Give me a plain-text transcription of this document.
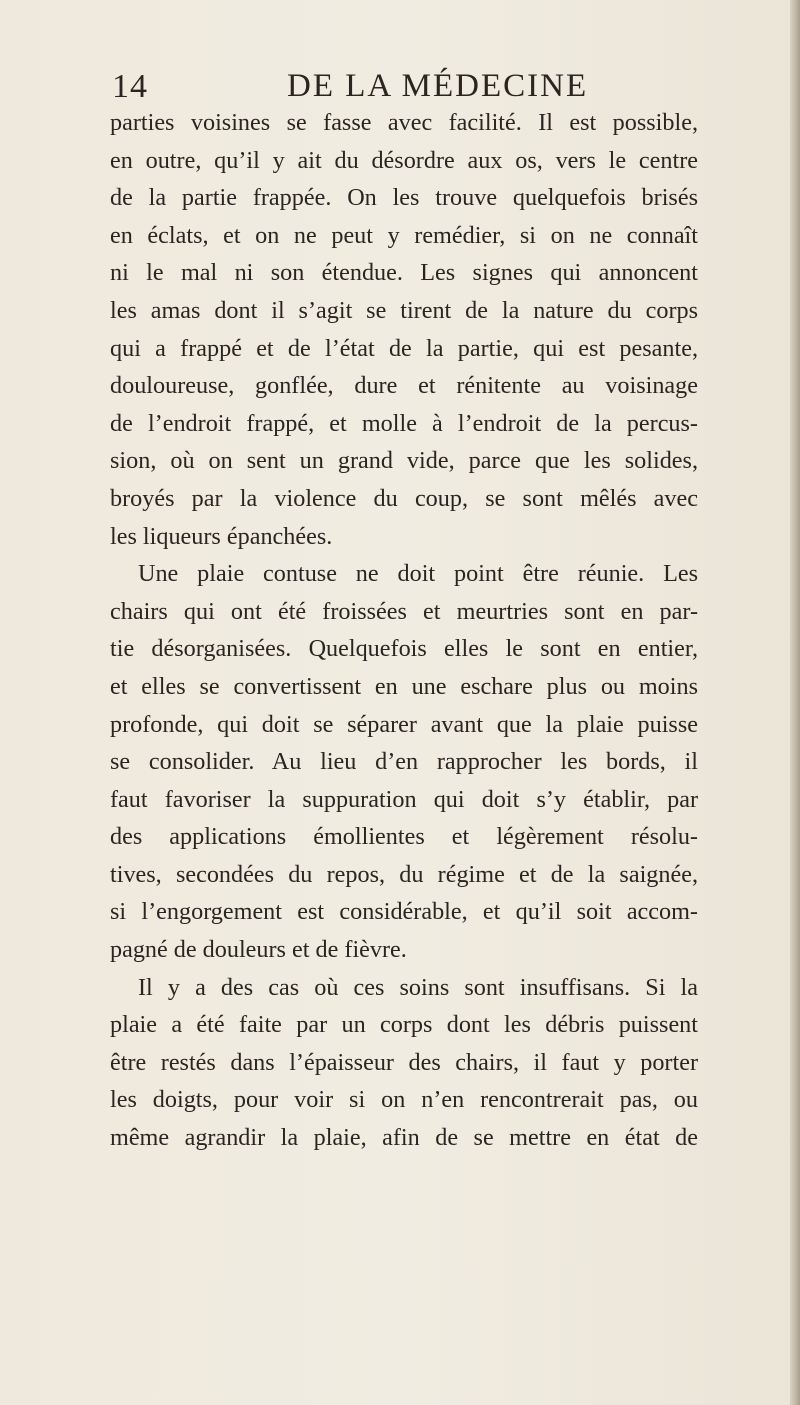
14	DE LA MÉDECINE
parties voisines se fasse avec facilité. Il est possible,
en outre, qu’il y ait du désordre aux os, vers le centre
de la partie frappée. On les trouve quelquefois brisés
en éclats, et on ne peut y remédier, si on ne connaît
ni le mal ni son étendue. Les signes qui annoncent
les amas dont il s’agit se tirent de la nature du corps
qui a frappé et de l’état de la partie, qui est pesante,
douloureuse, gonflée, dure et rénitente au voisinage
de l’endroit frappé, et molle à l’endroit de la percus-
sion, où on sent un grand vide, parce que les solides,
broyés par la violence du coup, se sont mêlés avec
les liqueurs épanchées.
Une plaie contuse ne doit point être réunie. Les
chairs qui ont été froissées et meurtries sont en par-
tie désorganisées. Quelquefois elles le sont en entier,
et elles se convertissent en une eschare plus ou moins
profonde, qui doit se séparer avant que la plaie puisse
se consolider. Au lieu d’en rapprocher les bords, il
faut favoriser la suppuration qui doit s’y établir, par
des applications émollientes et légèrement résolu-
tives, secondées du repos, du régime et de la saignée,
si l’engorgement est considérable, et qu’il soit accom-
pagné de douleurs et de fièvre.
Il y a des cas où ces soins sont insuffisans. Si la
plaie a été faite par un corps dont les débris puissent
être restés dans l’épaisseur des chairs, il faut y porter
les doigts, pour voir si on n’en rencontrerait pas, ou
même agrandir la plaie, afin de se mettre en état de
